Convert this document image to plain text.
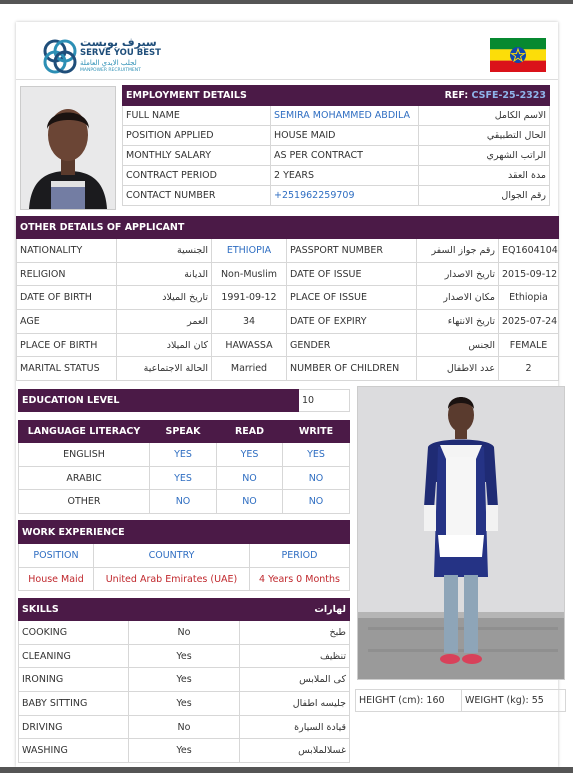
سيرف يوبست
SERVE YOU BEST
لجلب الايدي العاملة
MANPOWER RECRUITMENT
EMPLOYMENT DETAILS		REF: CSFE-25-2323
FULL NAME	SEMIRA MOHAMMED ABDILA	الاسم الكامل
POSITION APPLIED	HOUSE MAID	الحال التطبيقي
MONTHLY SALARY	AS PER CONTRACT	الراتب الشهري
CONTRACT PERIOD	2 YEARS	مدة العقد
CONTACT NUMBER	+251962259709	رقم الجوال
OTHER DETAILS OF APPLICANT					
NATIONALITY	الجنسية	ETHIOPIA	PASSPORT NUMBER	رقم جواز السفر	EQ1604104
RELIGION	الديانة	Non-Muslim	DATE OF ISSUE	تاريخ الاصدار	2015-09-12
DATE OF BIRTH	تاريخ الميلاد	1991-09-12	PLACE OF ISSUE	مكان الاصدار	Ethiopia
AGE	العمر	34	DATE OF EXPIRY	تاريخ الانتهاء	2025-07-24
PLACE OF BIRTH	كان الميلاد	HAWASSA	GENDER	الجنس	FEMALE
MARITAL STATUS	الحالة الاجتماعية	Married	NUMBER OF CHILDREN	عدد الاطفال	2
EDUCATION LEVEL	10
LANGUAGE LITERACY	SPEAK	READ	WRITE
ENGLISH	YES	YES	YES
ARABIC	YES	NO	NO
OTHER	NO	NO	NO
WORK EXPERIENCE		
POSITION	COUNTRY	PERIOD
House Maid	United Arab Emirates (UAE)	4 Years 0 Months
SKILLS		لهارات
COOKING	No	طبخ
CLEANING	Yes	تنظيف
IRONING	Yes	كى الملابس
BABY SITTING	Yes	جليسه اطفال
DRIVING	No	قيادة السيارة
WASHING	Yes	غسلالملابس
HEIGHT (cm): 160	WEIGHT (kg): 55
